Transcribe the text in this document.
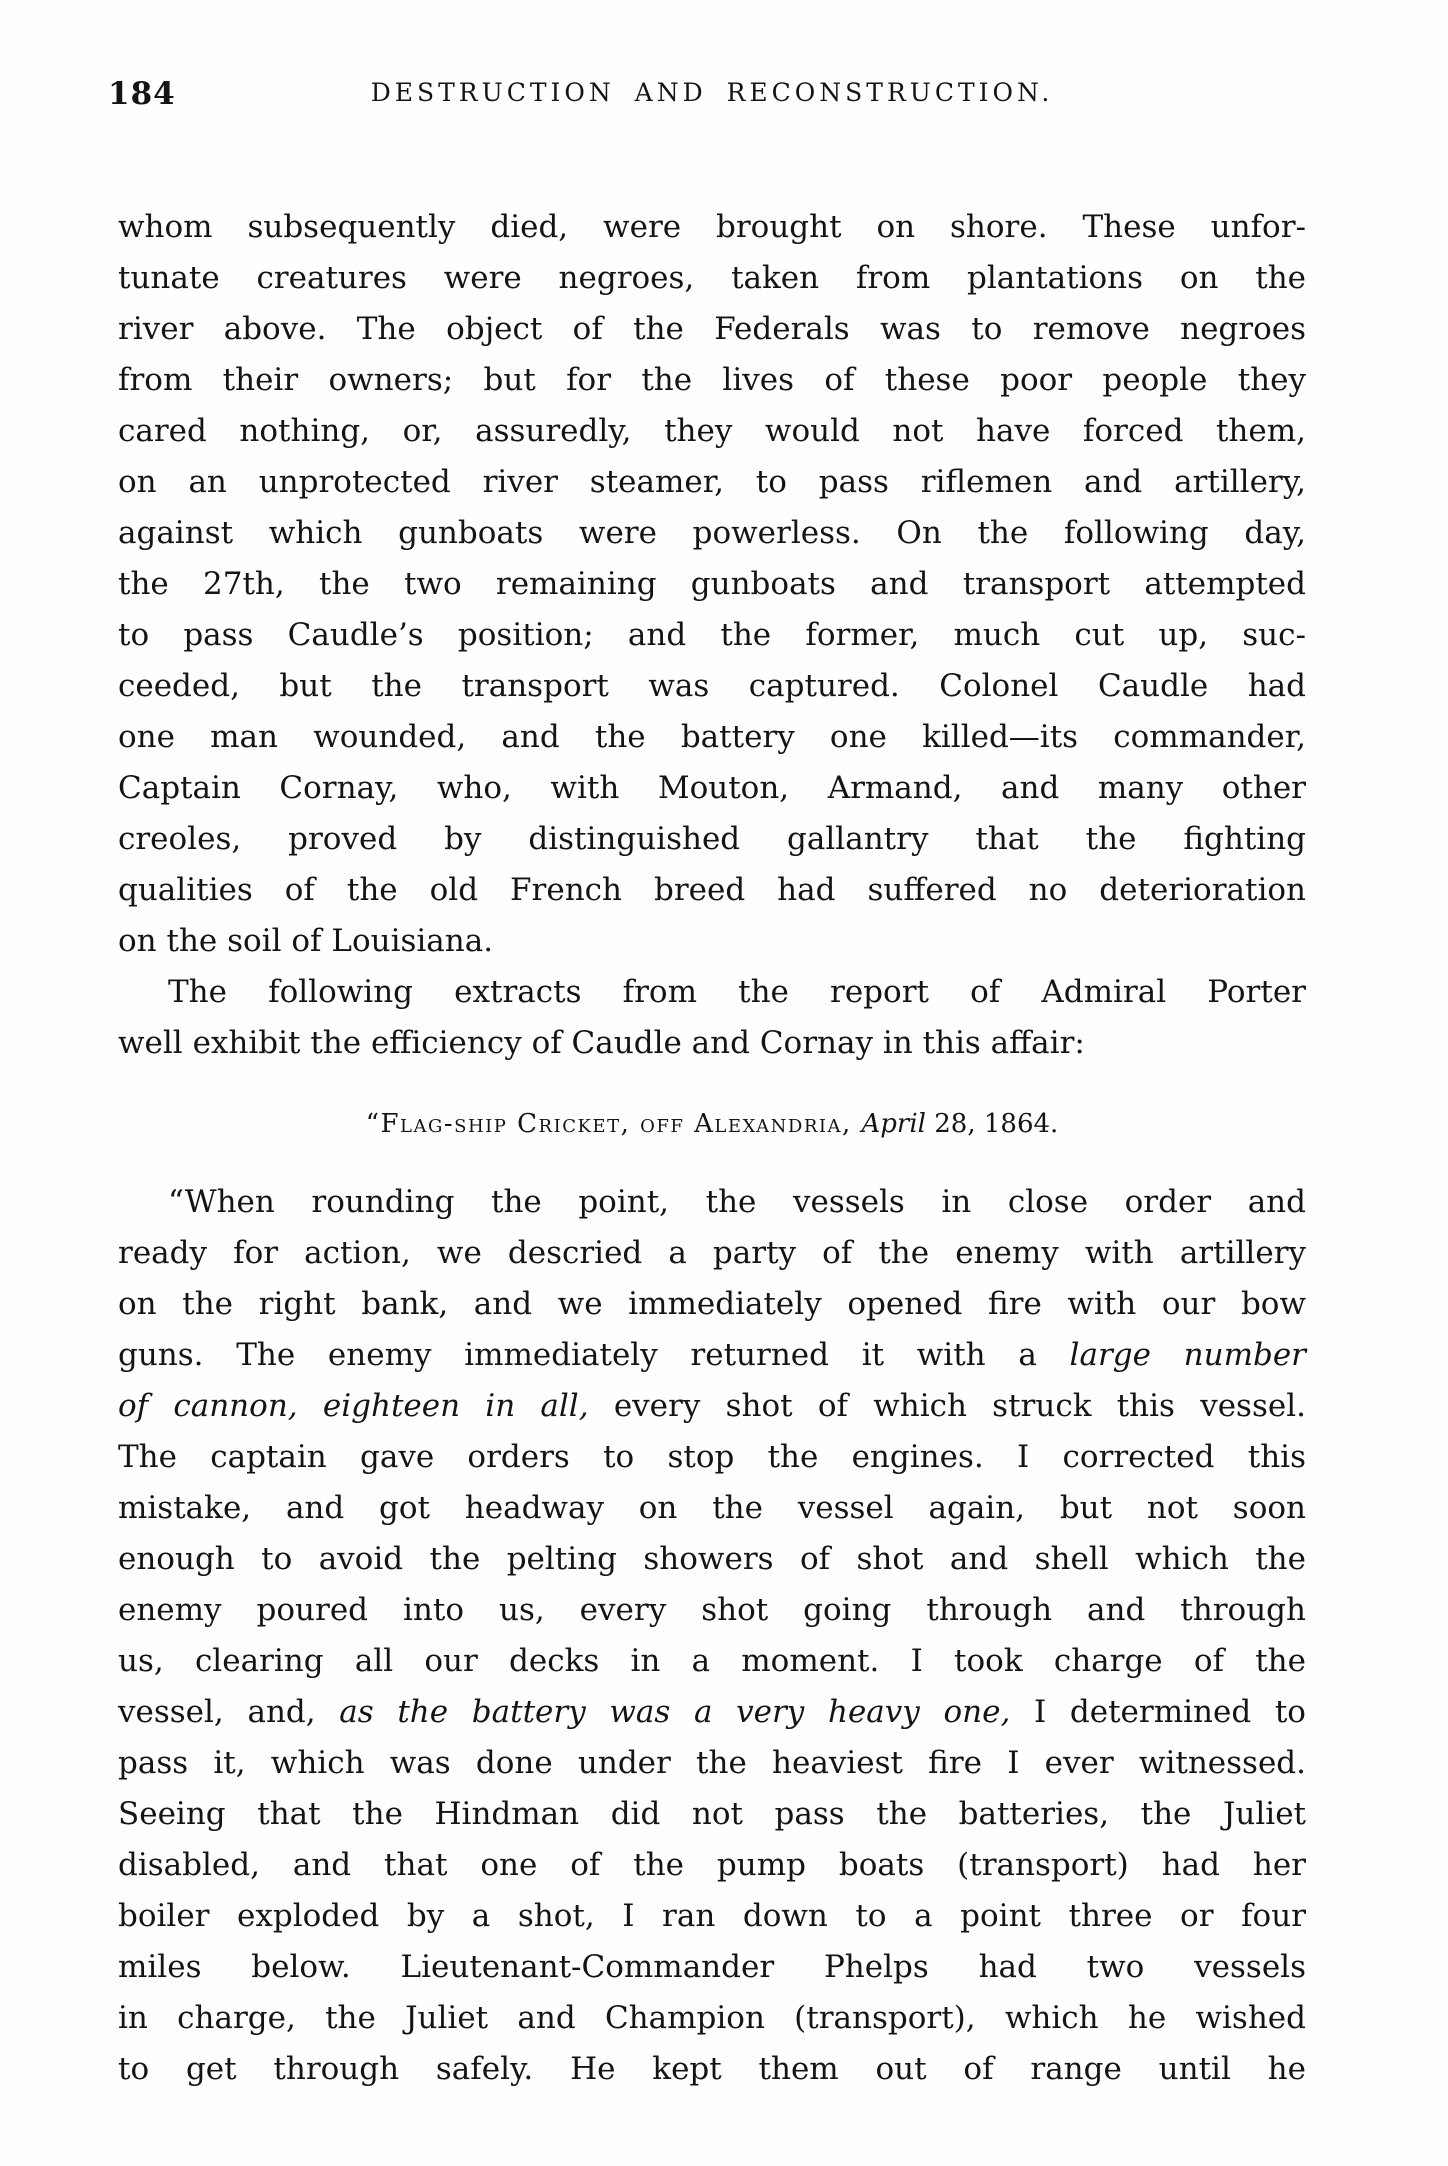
184	DESTRUCTION AND RECONSTRUCTION.
whom subsequently died, were brought on shore. These unfor-
tunate creatures were negroes, taken from plantations on the
river above. The object of the Federals was to remove negroes
from their owners; but for the lives of these poor people they
cared nothing, or, assuredly, they would not have forced them,
on an unprotected river steamer, to pass riflemen and artillery,
against which gunboats were powerless. On the following day,
the 27th, the two remaining gunboats and transport attempted
to pass Caudle’s position; and the former, much cut up, suc-
ceeded, but the transport was captured. Colonel Caudle had
one man wounded, and the battery one killed—its commander,
Captain Cornay, who, with Mouton, Armand, and many other
creoles, proved by distinguished gallantry that the fighting
qualities of the old French breed had suffered no deterioration
on the soil of Louisiana.
The following extracts from the report of Admiral Porter
well exhibit the efficiency of Caudle and Cornay in this affair:
“Flag-ship Cricket, off Alexandria, April 28, 1864.
“When rounding the point, the vessels in close order and
ready for action, we descried a party of the enemy with artillery
on the right bank, and we immediately opened fire with our bow
guns. The enemy immediately returned it with a large number
of cannon, eighteen in all, every shot of which struck this vessel.
The captain gave orders to stop the engines. I corrected this
mistake, and got headway on the vessel again, but not soon
enough to avoid the pelting showers of shot and shell which the
enemy poured into us, every shot going through and through
us, clearing all our decks in a moment. I took charge of the
vessel, and, as the battery was a very heavy one, I determined to
pass it, which was done under the heaviest fire I ever witnessed.
Seeing that the Hindman did not pass the batteries, the Juliet
disabled, and that one of the pump boats (transport) had her
boiler exploded by a shot, I ran down to a point three or four
miles below. Lieutenant-Commander Phelps had two vessels
in charge, the Juliet and Champion (transport), which he wished
to get through safely. He kept them out of range until he
